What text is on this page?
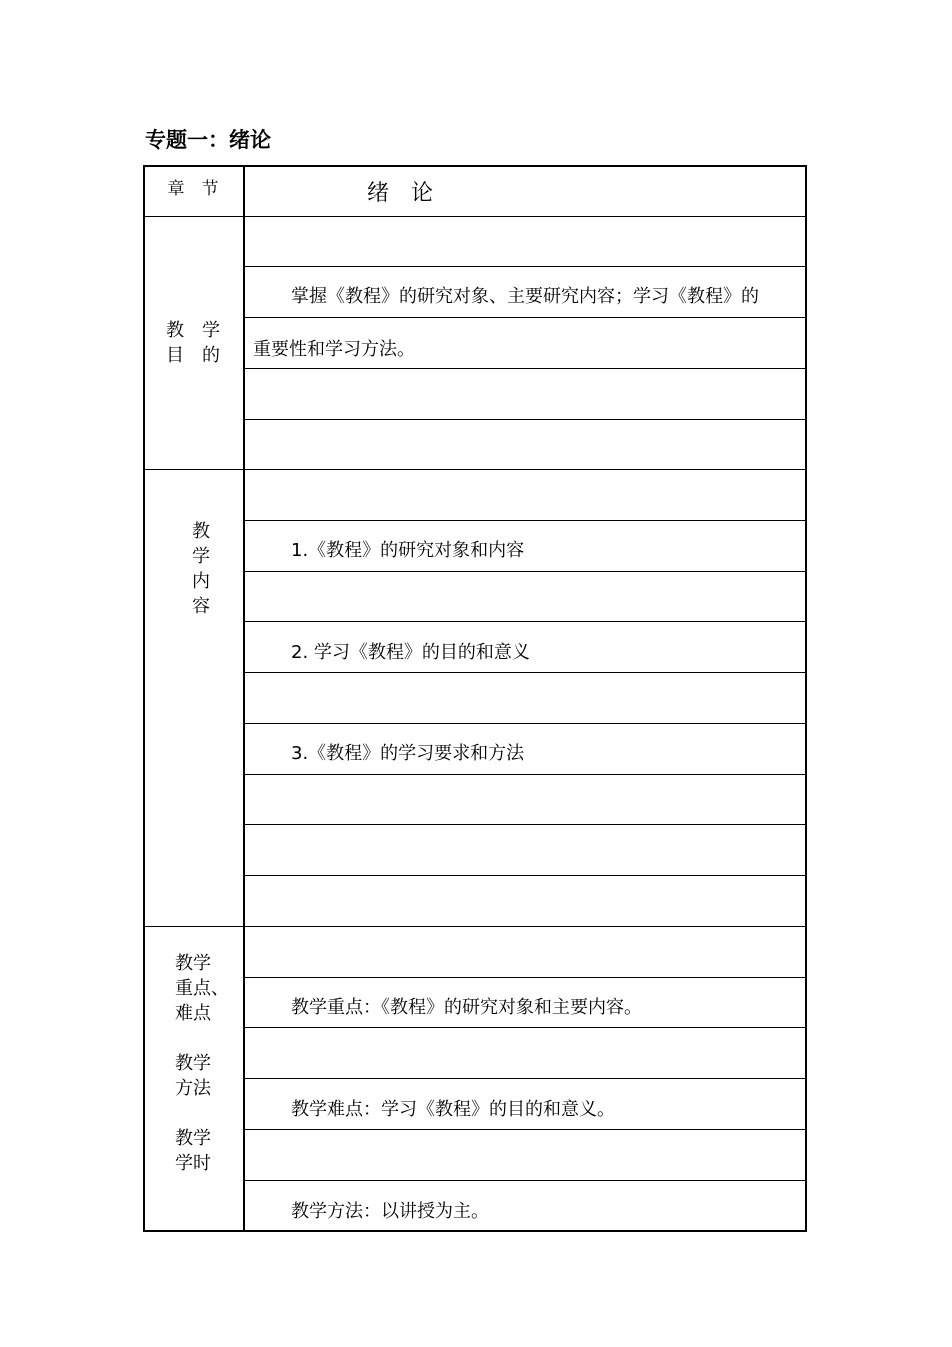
专题一：绪论
章　节	绪　论
教　学
目　的
掌握《教程》的研究对象、主要研究内容；学习《教程》的
重要性和学习方法。
教
学
内
容
1.《教程》的研究对象和内容
2. 学习《教程》的目的和意义
3.《教程》的学习要求和方法
教学
重点、
难点
教学
方法
教学
学时
教学重点：《教程》的研究对象和主要内容。
教学难点：学习《教程》的目的和意义。
教学方法：以讲授为主。
